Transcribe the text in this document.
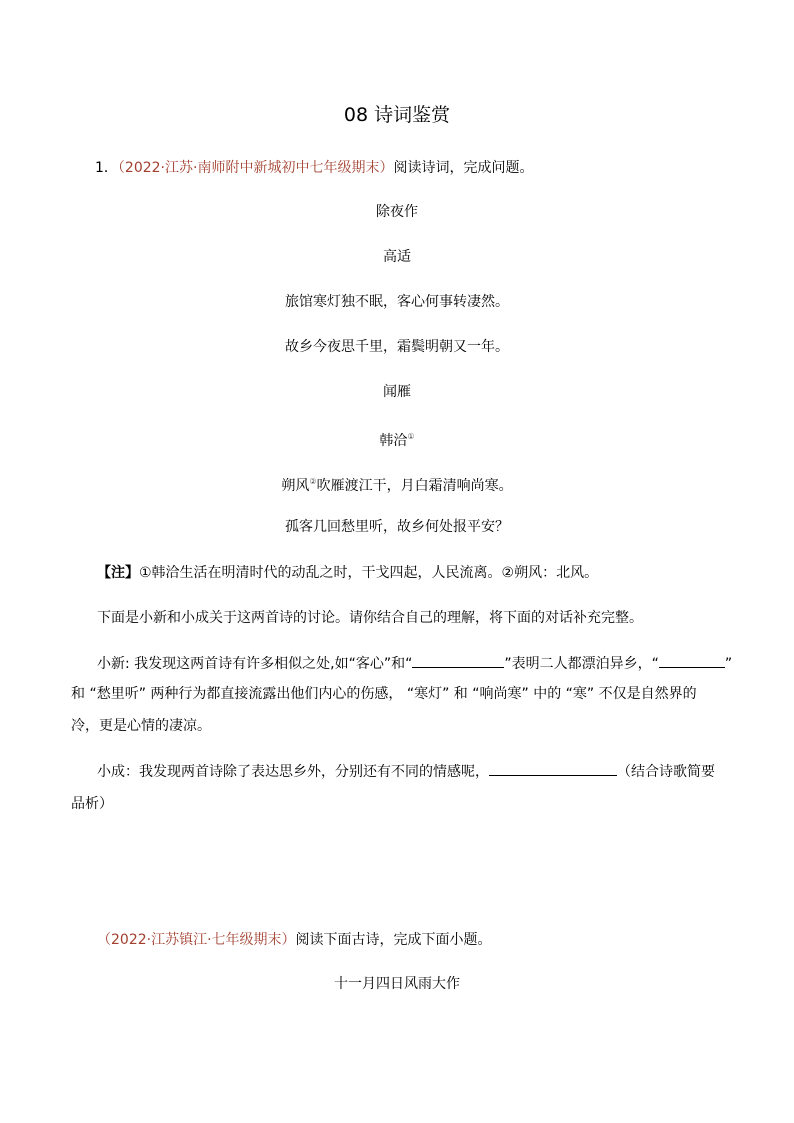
08 诗词鉴赏
1．（2022·江苏·南师附中新城初中七年级期末）阅读诗词，完成问题。
除夜作
高适
旅馆寒灯独不眠，客心何事转凄然。
故乡今夜思千里，霜鬓明朝又一年。
闻雁
韩洽①
朔风②吹雁渡江干，月白霜清响尚寒。
孤客几回愁里听，故乡何处报平安？
【注】①韩洽生活在明清时代的动乱之时，干戈四起，人民流离。②朔风：北风。
下面是小新和小成关于这两首诗的讨论。请你结合自己的理解，将下面的对话补充完整。
小新: 我发现这两首诗有许多相似之处,如“客心”和“	”表明二人都漂泊异乡，“	”
和 “愁里听” 两种行为都直接流露出他们内心的伤感， “寒灯” 和 “响尚寒” 中的 “寒” 不仅是自然界的
冷，更是心情的凄凉。
小成：我发现两首诗除了表达思乡外，分别还有不同的情感呢，	（结合诗歌简要
品析）
（2022·江苏镇江·七年级期末）阅读下面古诗，完成下面小题。
十一月四日风雨大作
